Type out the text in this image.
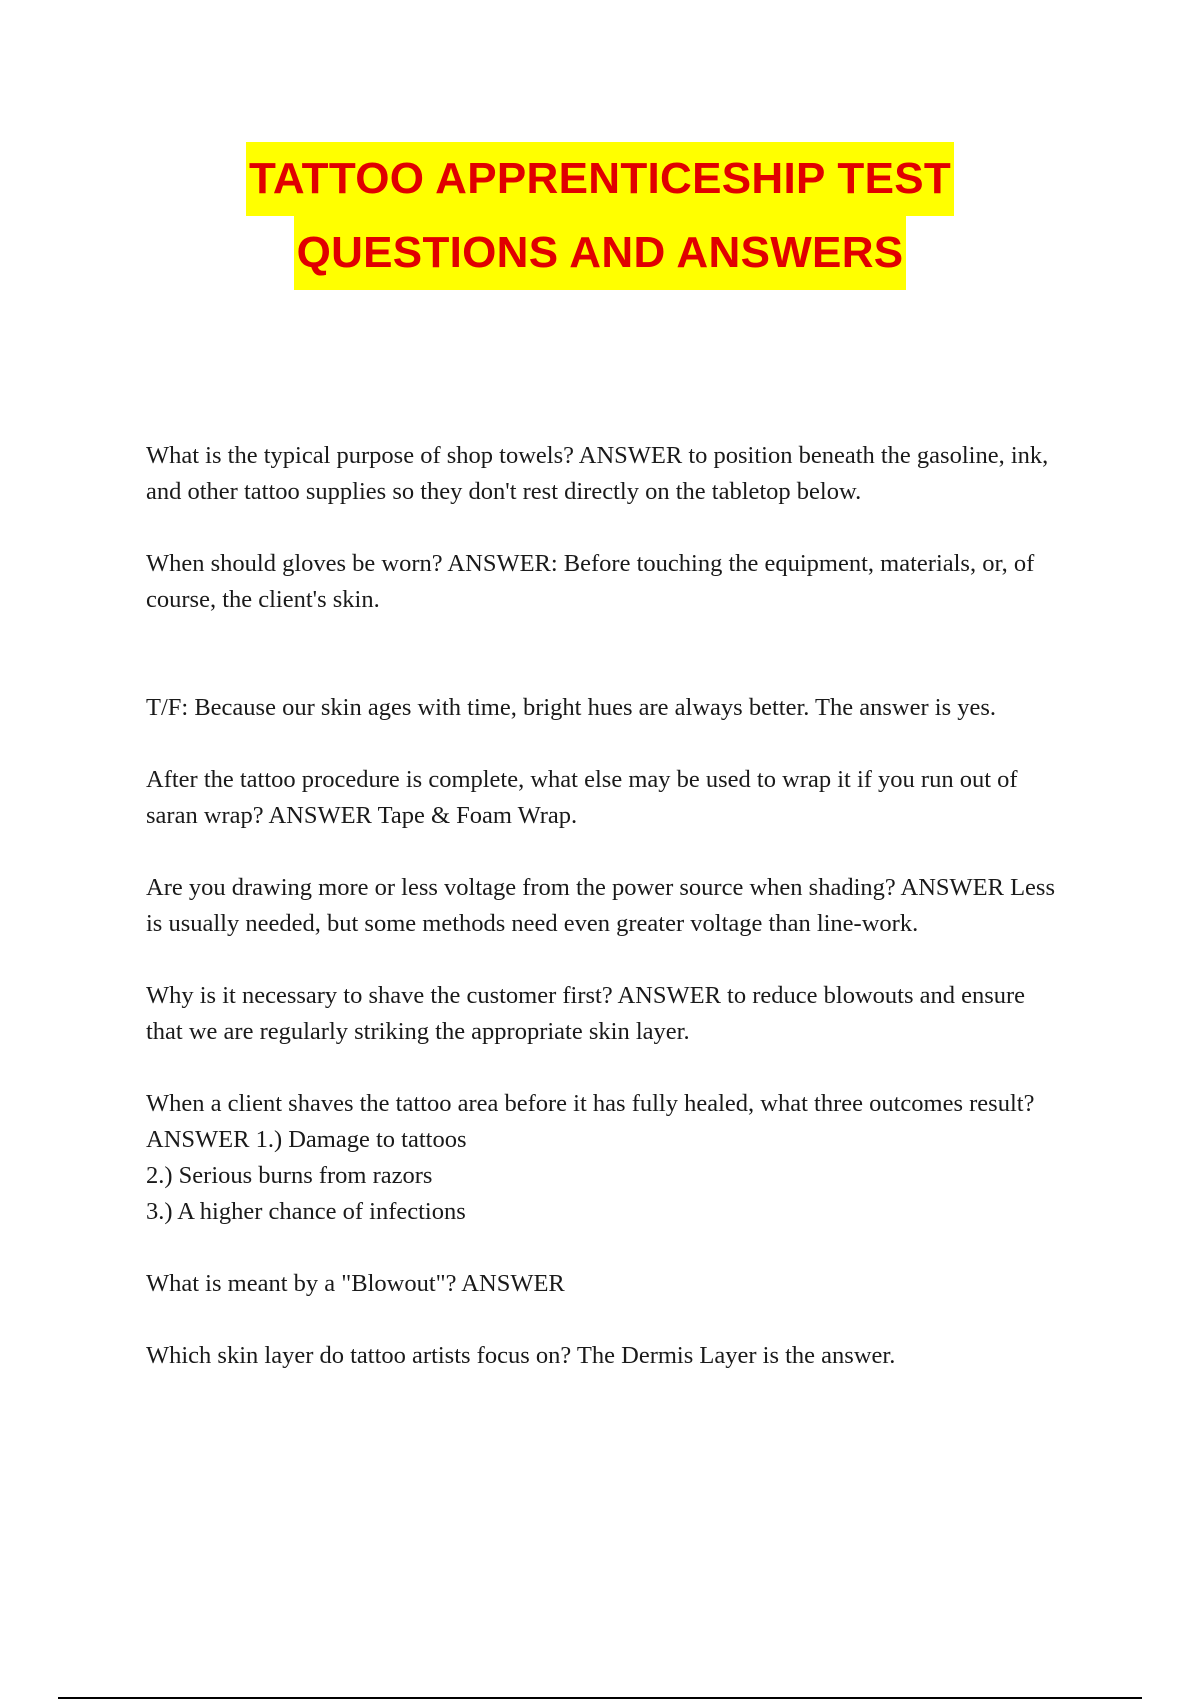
TATTOO APPRENTICESHIP TEST
QUESTIONS AND ANSWERS

What is the typical purpose of shop towels? ANSWER to position beneath the gasoline, ink, and other tattoo supplies so they don't rest directly on the tabletop below.

When should gloves be worn? ANSWER: Before touching the equipment, materials, or, of course, the client's skin.

T/F: Because our skin ages with time, bright hues are always better. The answer is yes.

After the tattoo procedure is complete, what else may be used to wrap it if you run out of saran wrap? ANSWER Tape & Foam Wrap.

Are you drawing more or less voltage from the power source when shading? ANSWER Less is usually needed, but some methods need even greater voltage than line-work.

Why is it necessary to shave the customer first? ANSWER to reduce blowouts and ensure that we are regularly striking the appropriate skin layer.

When a client shaves the tattoo area before it has fully healed, what three outcomes result? ANSWER 1.) Damage to tattoos
2.) Serious burns from razors
3.) A higher chance of infections

What is meant by a "Blowout"? ANSWER

Which skin layer do tattoo artists focus on? The Dermis Layer is the answer.
